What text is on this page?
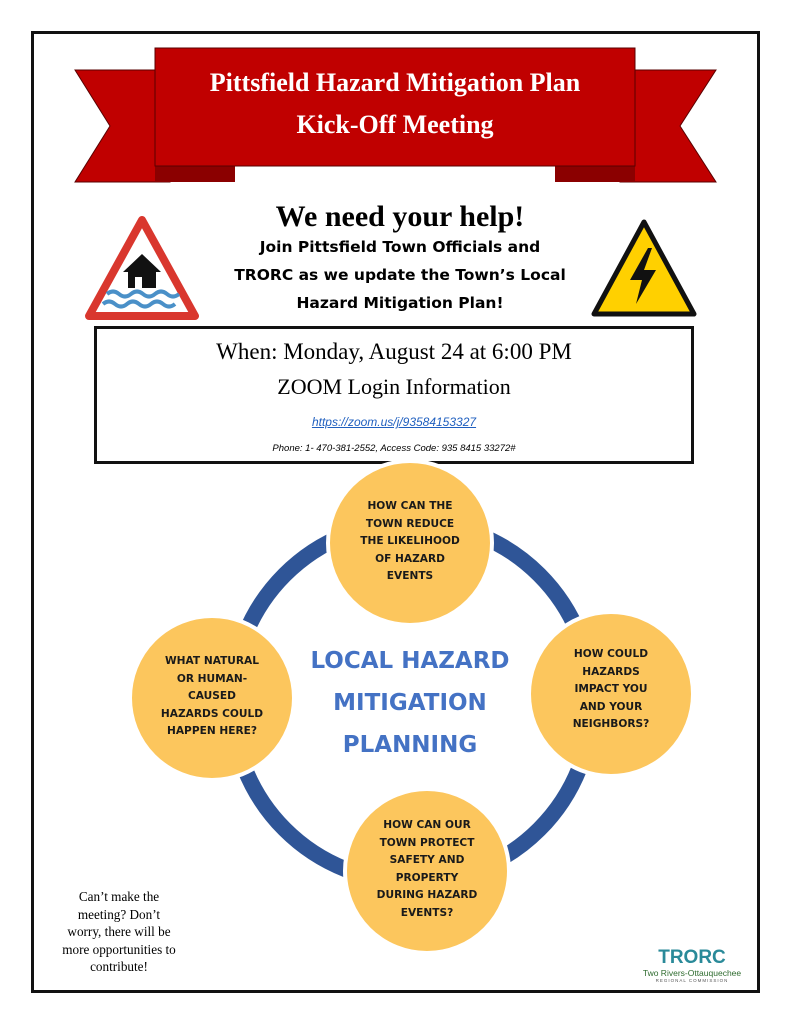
Pittsfield Hazard Mitigation Plan
Kick-Off Meeting
We need your help!
Join Pittsfield Town Officials and
TRORC as we update the Town’s Local
Hazard Mitigation Plan!
When: Monday, August 24 at 6:00 PM
ZOOM Login Information
https://zoom.us/j/93584153327
Phone: 1- 470-381-2552, Access Code: 935 8415 33272#
HOW CAN THE
TOWN REDUCE
THE LIKELIHOOD
OF HAZARD
EVENTS
HOW COULD
HAZARDS
IMPACT YOU
AND YOUR
NEIGHBORS?
HOW CAN OUR
TOWN PROTECT
SAFETY AND
PROPERTY
DURING HAZARD
EVENTS?
WHAT NATURAL
OR HUMAN-
CAUSED
HAZARDS COULD
HAPPEN HERE?
LOCAL HAZARD
MITIGATION
PLANNING
Can’t make the
meeting? Don’t
worry, there will be
more opportunities to
contribute!	TRORC
Two Rivers-Ottauquechee
REGIONAL COMMISSION
